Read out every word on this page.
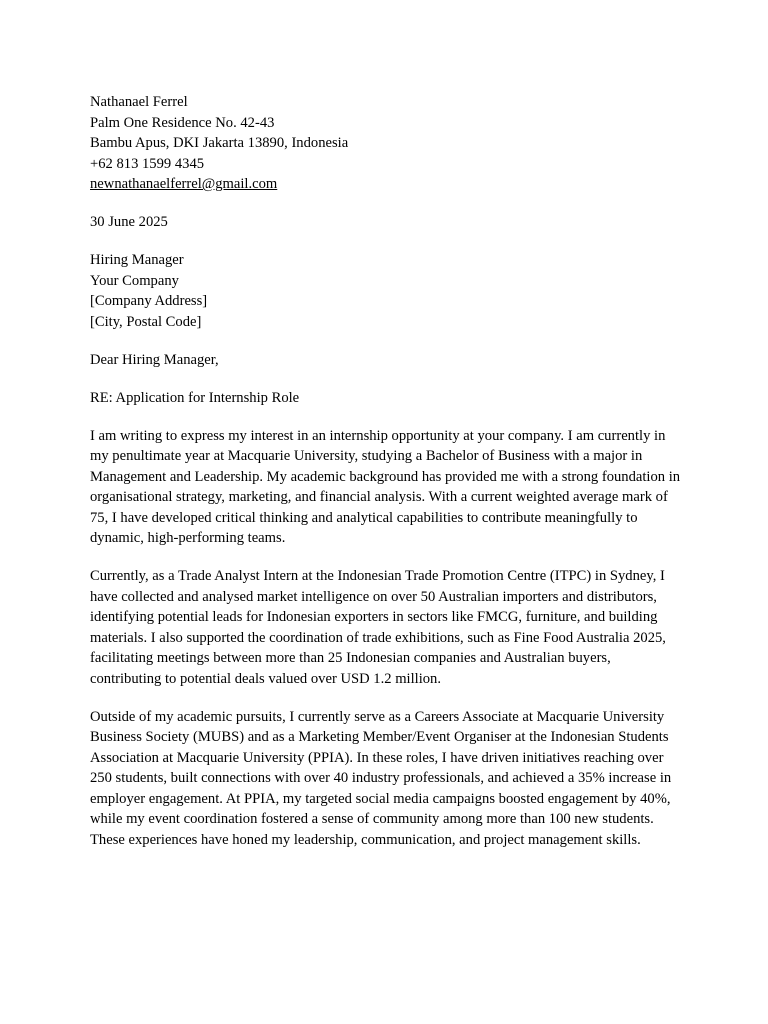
Nathanael Ferrel
Palm One Residence No. 42-43
Bambu Apus, DKI Jakarta 13890, Indonesia
+62 813 1599 4345
newnathanaelferrel@gmail.com
30 June 2025
Hiring Manager
Your Company
[Company Address]
[City, Postal Code]
Dear Hiring Manager,
RE: Application for Internship Role

I am writing to express my interest in an internship opportunity at your company. I am currently in my penultimate year at Macquarie University, studying a Bachelor of Business with a major in Management and Leadership. My academic background has provided me with a strong foundation in organisational strategy, marketing, and financial analysis. With a current weighted average mark of 75, I have developed critical thinking and analytical capabilities to contribute meaningfully to dynamic, high-performing teams.

Currently, as a Trade Analyst Intern at the Indonesian Trade Promotion Centre (ITPC) in Sydney, I have collected and analysed market intelligence on over 50 Australian importers and distributors, identifying potential leads for Indonesian exporters in sectors like FMCG, furniture, and building materials. I also supported the coordination of trade exhibitions, such as Fine Food Australia 2025, facilitating meetings between more than 25 Indonesian companies and Australian buyers, contributing to potential deals valued over USD 1.2 million.

Outside of my academic pursuits, I currently serve as a Careers Associate at Macquarie University Business Society (MUBS) and as a Marketing Member/Event Organiser at the Indonesian Students Association at Macquarie University (PPIA). In these roles, I have driven initiatives reaching over 250 students, built connections with over 40 industry professionals, and achieved a 35% increase in employer engagement. At PPIA, my targeted social media campaigns boosted engagement by 40%, while my event coordination fostered a sense of community among more than 100 new students. These experiences have honed my leadership, communication, and project management skills.
